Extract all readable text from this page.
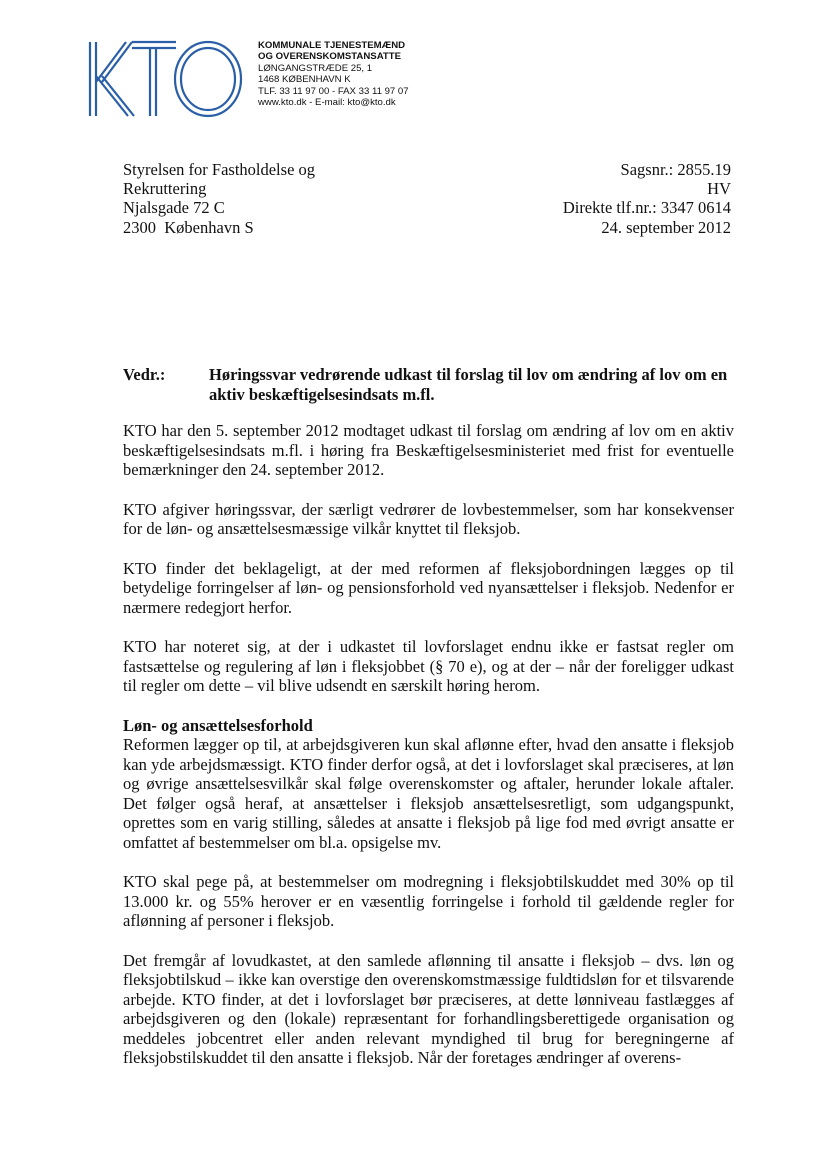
KOMMUNALE TJENESTEMÆND
OG OVERENSKOMSTANSATTE
LØNGANGSTRÆDE 25, 1
1468 KØBENHAVN K
TLF. 33 11 97 00 - FAX 33 11 97 07
www.kto.dk - E-mail: kto@kto.dk
Styrelsen for Fastholdelse og
Rekruttering
Njalsgade 72 C
2300  København S
Sagsnr.: 2855.19
HV
Direkte tlf.nr.: 3347 0614
24. september 2012
Vedr.:	Høringssvar vedrørende udkast til forslag til lov om ændring af lov om en
aktiv beskæftigelsesindsats m.fl.

KTO har den 5. september 2012 modtaget udkast til forslag om ændring af lov om en aktiv beskæftigelsesindsats m.fl. i høring fra Beskæftigelsesministeriet med frist for eventuelle bemærkninger den 24. september 2012.

KTO afgiver høringssvar, der særligt vedrører de lovbestemmelser, som har konsekvenser for de løn- og ansættelsesmæssige vilkår knyttet til fleksjob.

KTO finder det beklageligt, at der med reformen af fleksjobordningen lægges op til betydelige forringelser af løn- og pensionsforhold ved nyansættelser i fleksjob. Nedenfor er nærmere redegjort herfor.

KTO har noteret sig, at der i udkastet til lovforslaget endnu ikke er fastsat regler om fastsættelse og regulering af løn i fleksjobbet (§ 70 e), og at der – når der foreligger udkast til regler om dette – vil blive udsendt en særskilt høring herom.

Løn- og ansættelsesforhold

Reformen lægger op til, at arbejdsgiveren kun skal aflønne efter, hvad den ansatte i fleksjob kan yde arbejdsmæssigt. KTO finder derfor også, at det i lovforslaget skal præciseres, at løn og øvrige ansættelsesvilkår skal følge overenskomster og aftaler, herunder lokale aftaler. Det følger også heraf, at ansættelser i fleksjob ansættelsesretligt, som udgangspunkt, oprettes som en varig stilling, således at ansatte i fleksjob på lige fod med øvrigt ansatte er omfattet af bestemmelser om bl.a. opsigelse mv.

KTO skal pege på, at bestemmelser om modregning i fleksjobtilskuddet med 30% op til 13.000 kr. og 55% herover er en væsentlig forringelse i forhold til gældende regler for aflønning af personer i fleksjob.

Det fremgår af lovudkastet, at den samlede aflønning til ansatte i fleksjob – dvs. løn og fleksjobtilskud – ikke kan overstige den overenskomstmæssige fuldtidsløn for et tilsvarende arbejde. KTO finder, at det i lovforslaget bør præciseres, at dette lønniveau fastlægges af arbejdsgiveren og den (lokale) repræsentant for forhandlingsberettigede organisation og meddeles jobcentret eller anden relevant myndighed til brug for beregningerne af fleksjobstilskuddet til den ansatte i fleksjob. Når der foretages ændringer af overens-
